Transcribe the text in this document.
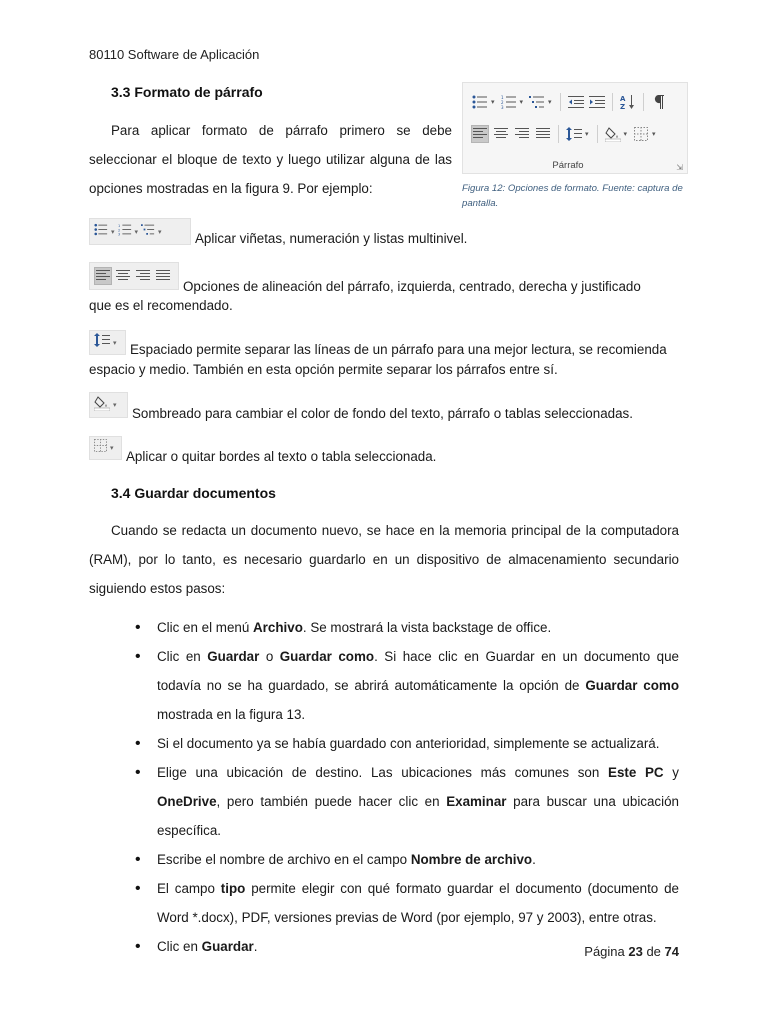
80110 Software de Aplicación
3.3 Formato de párrafo
Para aplicar formato de párrafo primero se debe seleccionar el bloque de texto y luego utilizar alguna de las opciones mostradas en la figura 9. Por ejemplo:
▾
1
2
3
▾	▾	A
Z
▾	▾	▾
Párrafo	⇲
Figura 12: Opciones de formato. Fuente: captura de pantalla.
▾
1
2
3 ▾	▾ Aplicar viñetas, numeración y listas multinivel.
Opciones de alineación del párrafo, izquierda, centrado, derecha y justificado
que es el recomendado.
▾ Espaciado permite separar las líneas de un párrafo para una mejor lectura, se recomienda
espacio y medio. También en esta opción permite separar los párrafos entre sí.
▾
Sombreado para cambiar el color de fondo del texto, párrafo o tablas seleccionadas.
▾
Aplicar o quitar bordes al texto o tabla seleccionada.
3.4 Guardar documentos
Cuando se redacta un documento nuevo, se hace en la memoria principal de la computadora (RAM), por lo tanto, es necesario guardarlo en un dispositivo de almacenamiento secundario siguiendo estos pasos:
• Clic en el menú Archivo. Se mostrará la vista backstage de office.
• Clic en Guardar o Guardar como. Si hace clic en Guardar en un documento que todavía no se ha guardado, se abrirá automáticamente la opción de Guardar como mostrada en la figura 13.
• Si el documento ya se había guardado con anterioridad, simplemente se actualizará.
• Elige una ubicación de destino. Las ubicaciones más comunes son Este PC y OneDrive, pero también puede hacer clic en Examinar para buscar una ubicación específica.
• Escribe el nombre de archivo en el campo Nombre de archivo.
• El campo tipo permite elegir con qué formato guardar el documento (documento de Word *.docx), PDF, versiones previas de Word (por ejemplo, 97 y 2003), entre otras.
• Clic en Guardar.	Página 23 de 74
